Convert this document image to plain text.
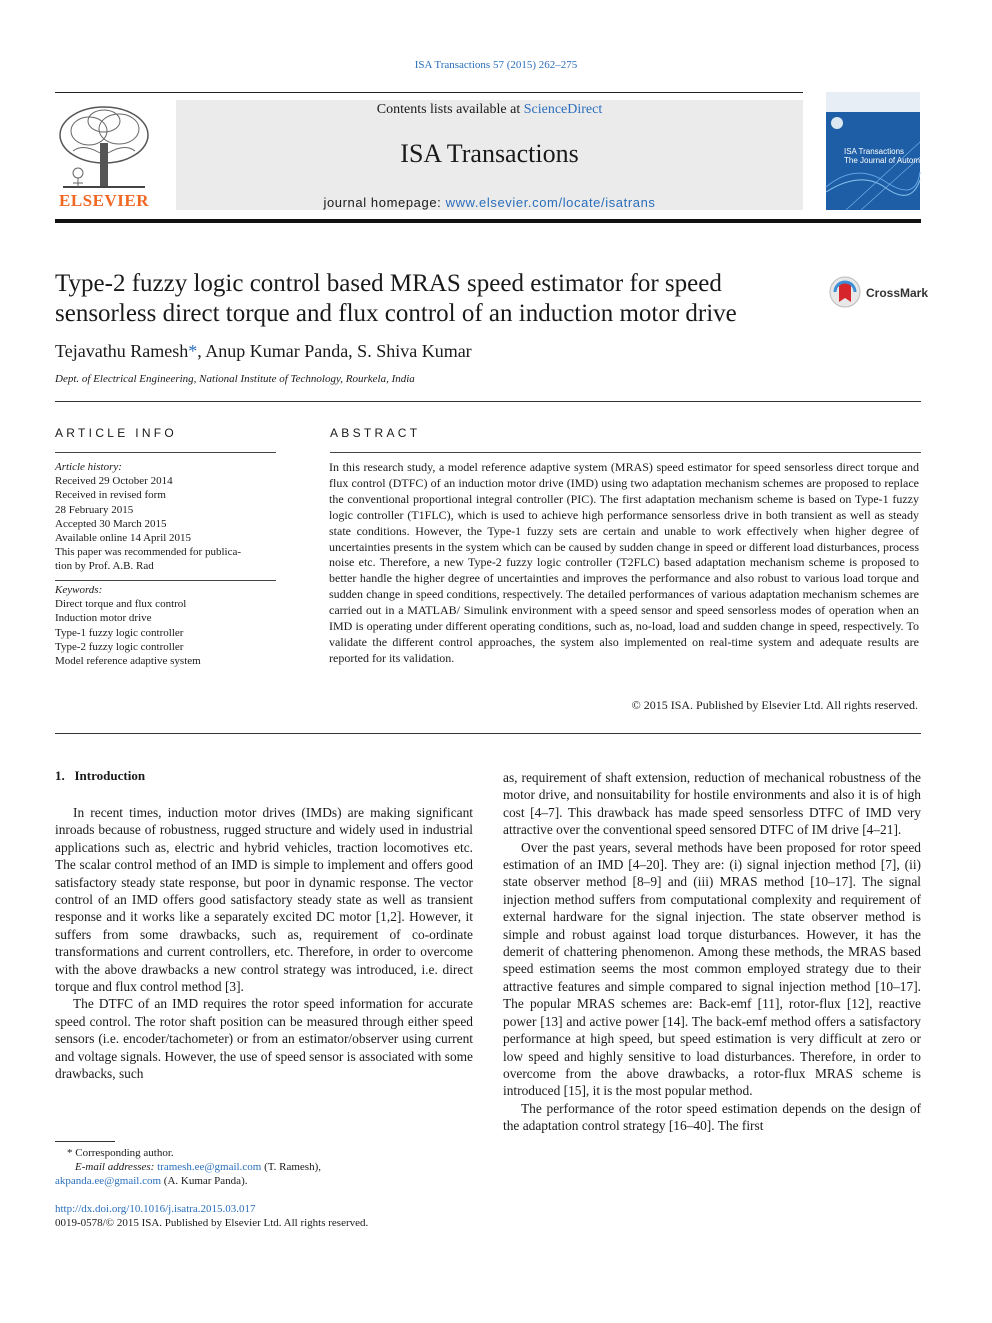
ISA Transactions 57 (2015) 262–275
Contents lists available at ScienceDirect
ISA Transactions
journal homepage: www.elsevier.com/locate/isatrans
ELSEVIER
ISA Transactions
The Journal of Automation
Type-2 fuzzy logic control based MRAS speed estimator for speed sensorless direct torque and flux control of an induction motor drive
CrossMark
Tejavathu Ramesh*, Anup Kumar Panda, S. Shiva Kumar
Dept. of Electrical Engineering, National Institute of Technology, Rourkela, India
ARTICLE INFO	ABSTRACT
Article history:
Received 29 October 2014
Received in revised form
28 February 2015
Accepted 30 March 2015
Available online 14 April 2015
This paper was recommended for publica-
tion by Prof. A.B. Rad
Keywords:
Direct torque and flux control
Induction motor drive
Type-1 fuzzy logic controller
Type-2 fuzzy logic controller
Model reference adaptive system
In this research study, a model reference adaptive system (MRAS) speed estimator for speed sensorless direct torque and flux control (DTFC) of an induction motor drive (IMD) using two adaptation mechanism schemes are proposed to replace the conventional proportional integral controller (PIC). The first adaptation mechanism scheme is based on Type-1 fuzzy logic controller (T1FLC), which is used to achieve high performance sensorless drive in both transient as well as steady state conditions. However, the Type-1 fuzzy sets are certain and unable to work effectively when higher degree of uncertainties presents in the system which can be caused by sudden change in speed or different load disturbances, process noise etc. Therefore, a new Type-2 fuzzy logic controller (T2FLC) based adaptation mechanism scheme is proposed to better handle the higher degree of uncertainties and improves the performance and also robust to various load torque and sudden change in speed conditions, respectively. The detailed performances of various adaptation mechanism schemes are carried out in a MATLAB/ Simulink environment with a speed sensor and speed sensorless modes of operation when an IMD is operating under different operating conditions, such as, no-load, load and sudden change in speed, respectively. To validate the different control approaches, the system also implemented on real-time system and adequate results are reported for its validation.
© 2015 ISA. Published by Elsevier Ltd. All rights reserved.
1.   Introduction

In recent times, induction motor drives (IMDs) are making significant inroads because of robustness, rugged structure and widely used in industrial applications such as, electric and hybrid vehicles, traction locomotives etc. The scalar control method of an IMD is simple to implement and offers good satisfactory steady state response, but poor in dynamic response. The vector control of an IMD offers good satisfactory steady state as well as transient response and it works like a separately excited DC motor [1,2]. However, it suffers from some drawbacks, such as, requirement of co-ordinate transformations and current controllers, etc. Therefore, in order to overcome with the above drawbacks a new control strategy was introduced, i.e. direct torque and flux control method [3].

The DTFC of an IMD requires the rotor speed information for accurate speed control. The rotor shaft position can be measured through either speed sensors (i.e. encoder/tachometer) or from an estimator/observer using current and voltage signals. However, the use of speed sensor is associated with some drawbacks, such

as, requirement of shaft extension, reduction of mechanical robustness of the motor drive, and nonsuitability for hostile environments and also it is of high cost [4–7]. This drawback has made speed sensorless DTFC of IMD very attractive over the conventional speed sensored DTFC of IM drive [4–21].

Over the past years, several methods have been proposed for rotor speed estimation of an IMD [4–20]. They are: (i) signal injection method [7], (ii) state observer method [8–9] and (iii) MRAS method [10–17]. The signal injection method suffers from computational complexity and requirement of external hardware for the signal injection. The state observer method is simple and robust against load torque disturbances. However, it has the demerit of chattering phenomenon. Among these methods, the MRAS based speed estimation seems the most common employed strategy due to their attractive features and simple compared to signal injection method [10–17]. The popular MRAS schemes are: Back-emf [11], rotor-flux [12], reactive power [13] and active power [14]. The back-emf method offers a satisfactory performance at high speed, but speed estimation is very difficult at zero or low speed and highly sensitive to load disturbances. Therefore, in order to overcome from the above drawbacks, a rotor-flux MRAS scheme is introduced [15], it is the most popular method.

The performance of the rotor speed estimation depends on the design of the adaptation control strategy [16–40]. The first

* Corresponding author.
E-mail addresses: tramesh.ee@gmail.com (T. Ramesh),
akpanda.ee@gmail.com (A. Kumar Panda).
http://dx.doi.org/10.1016/j.isatra.2015.03.017
0019-0578/© 2015 ISA. Published by Elsevier Ltd. All rights reserved.
